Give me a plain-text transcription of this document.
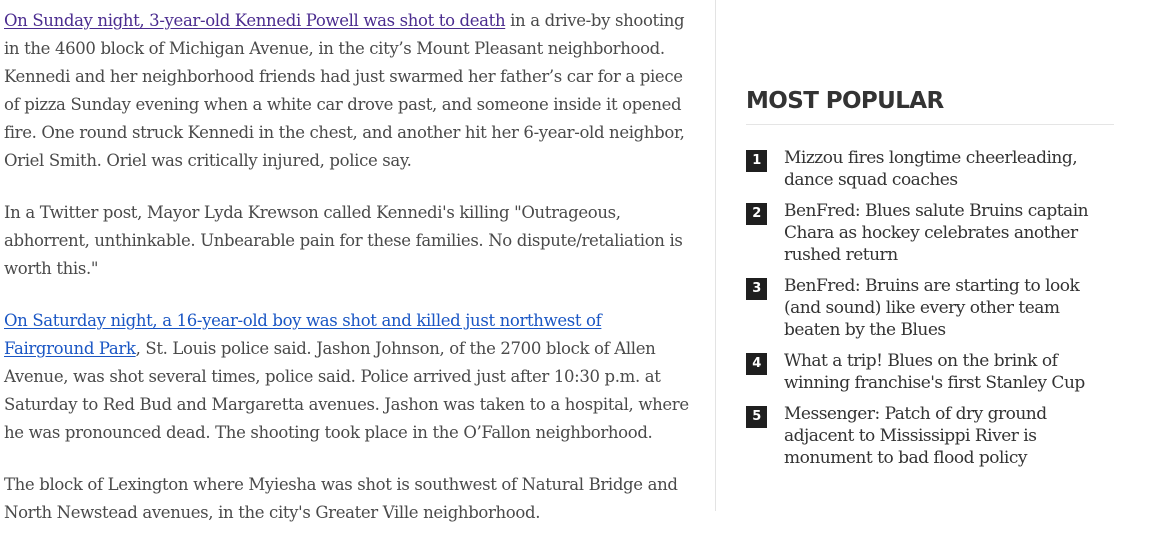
On Sunday night, 3-year-old Kennedi Powell was shot to death in a drive-by shooting in the 4600 block of Michigan Avenue, in the city’s Mount Pleasant neighborhood. Kennedi and her neighborhood friends had just swarmed her father’s car for a piece of pizza Sunday evening when a white car drove past, and someone inside it opened fire. One round struck Kennedi in the chest, and another hit her 6-year-old neighbor, Oriel Smith. Oriel was critically injured, police say.

In a Twitter post, Mayor Lyda Krewson called Kennedi's killing "Outrageous, abhorrent, unthinkable. Unbearable pain for these families. No dispute/retaliation is worth this."

On Saturday night, a 16-year-old boy was shot and killed just northwest of Fairground Park, St. Louis police said. Jashon Johnson, of the 2700 block of Allen Avenue, was shot several times, police said. Police arrived just after 10:30 p.m. at Saturday to Red Bud and Margaretta avenues. Jashon was taken to a hospital, where he was pronounced dead. The shooting took place in the O’Fallon neighborhood.

The block of Lexington where Myiesha was shot is southwest of Natural Bridge and North Newstead avenues, in the city's Greater Ville neighborhood.

MOST POPULAR
1	Mizzou fires longtime cheerleading, dance squad coaches
2	BenFred: Blues salute Bruins captain Chara as hockey celebrates another rushed return
3	BenFred: Bruins are starting to look (and sound) like every other team beaten by the Blues
4	What a trip! Blues on the brink of winning franchise's first Stanley Cup
5	Messenger: Patch of dry ground adjacent to Mississippi River is monument to bad flood policy
